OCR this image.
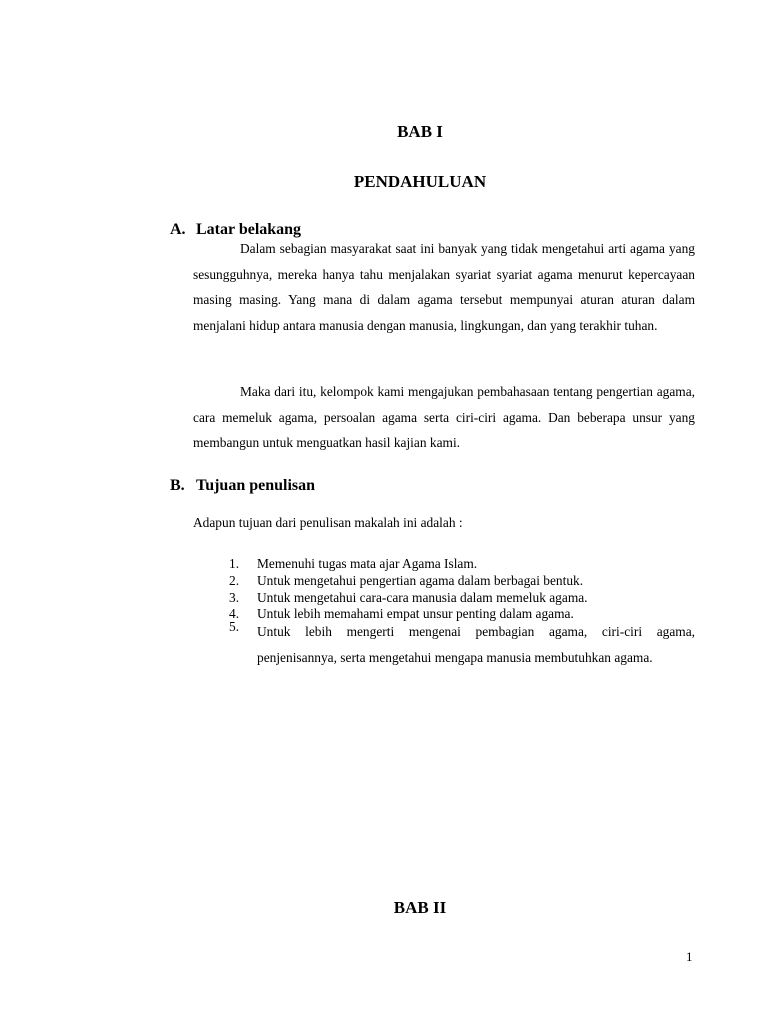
BAB I
PENDAHULUAN
A. Latar belakang

Dalam sebagian masyarakat saat ini banyak yang tidak mengetahui arti agama yang sesungguhnya, mereka hanya tahu menjalakan syariat syariat agama menurut kepercayaan masing masing. Yang mana di dalam agama tersebut mempunyai aturan aturan dalam menjalani hidup antara manusia dengan manusia, lingkungan, dan yang terakhir tuhan.

Maka dari itu, kelompok kami mengajukan pembahasaan tentang pengertian agama, cara memeluk agama, persoalan agama serta ciri-ciri agama. Dan beberapa unsur yang membangun untuk menguatkan hasil kajian kami.

B. Tujuan penulisan

Adapun tujuan dari penulisan makalah ini adalah :

1. Memenuhi tugas mata ajar Agama Islam.
2. Untuk mengetahui pengertian agama dalam berbagai bentuk.
3. Untuk mengetahui cara-cara manusia dalam memeluk agama.
4. Untuk lebih memahami empat unsur penting dalam agama.
5. Untuk lebih mengerti mengenai pembagian agama, ciri-ciri agama, penjenisannya, serta mengetahui mengapa manusia membutuhkan agama.
BAB II
1
